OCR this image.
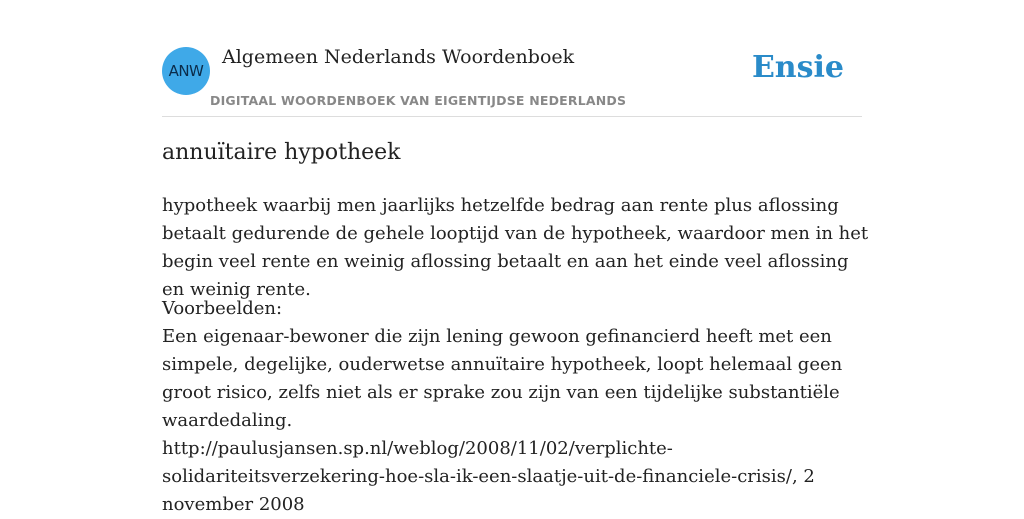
ANW
Algemeen Nederlands Woordenboek
DIGITAAL WOORDENBOEK VAN EIGENTIJDSE NEDERLANDS
Ensie
annuïtaire hypotheek
hypotheek waarbij men jaarlijks hetzelfde bedrag aan rente plus aflossing betaalt gedurende de gehele looptijd van de hypotheek, waardoor men in het begin veel rente en weinig aflossing betaalt en aan het einde veel aflossing en weinig rente.
Voorbeelden:
Een eigenaar-bewoner die zijn lening gewoon gefinancierd heeft met een simpele, degelijke, ouderwetse annuïtaire hypotheek, loopt helemaal geen groot risico, zelfs niet als er sprake zou zijn van een tijdelijke substantiële waardedaling.
http://paulusjansen.sp.nl/weblog/2008/11/02/verplichte-solidariteitsverzekering-hoe-sla-ik-een-slaatje-uit-de-financiele-crisis/, 2 november 2008
